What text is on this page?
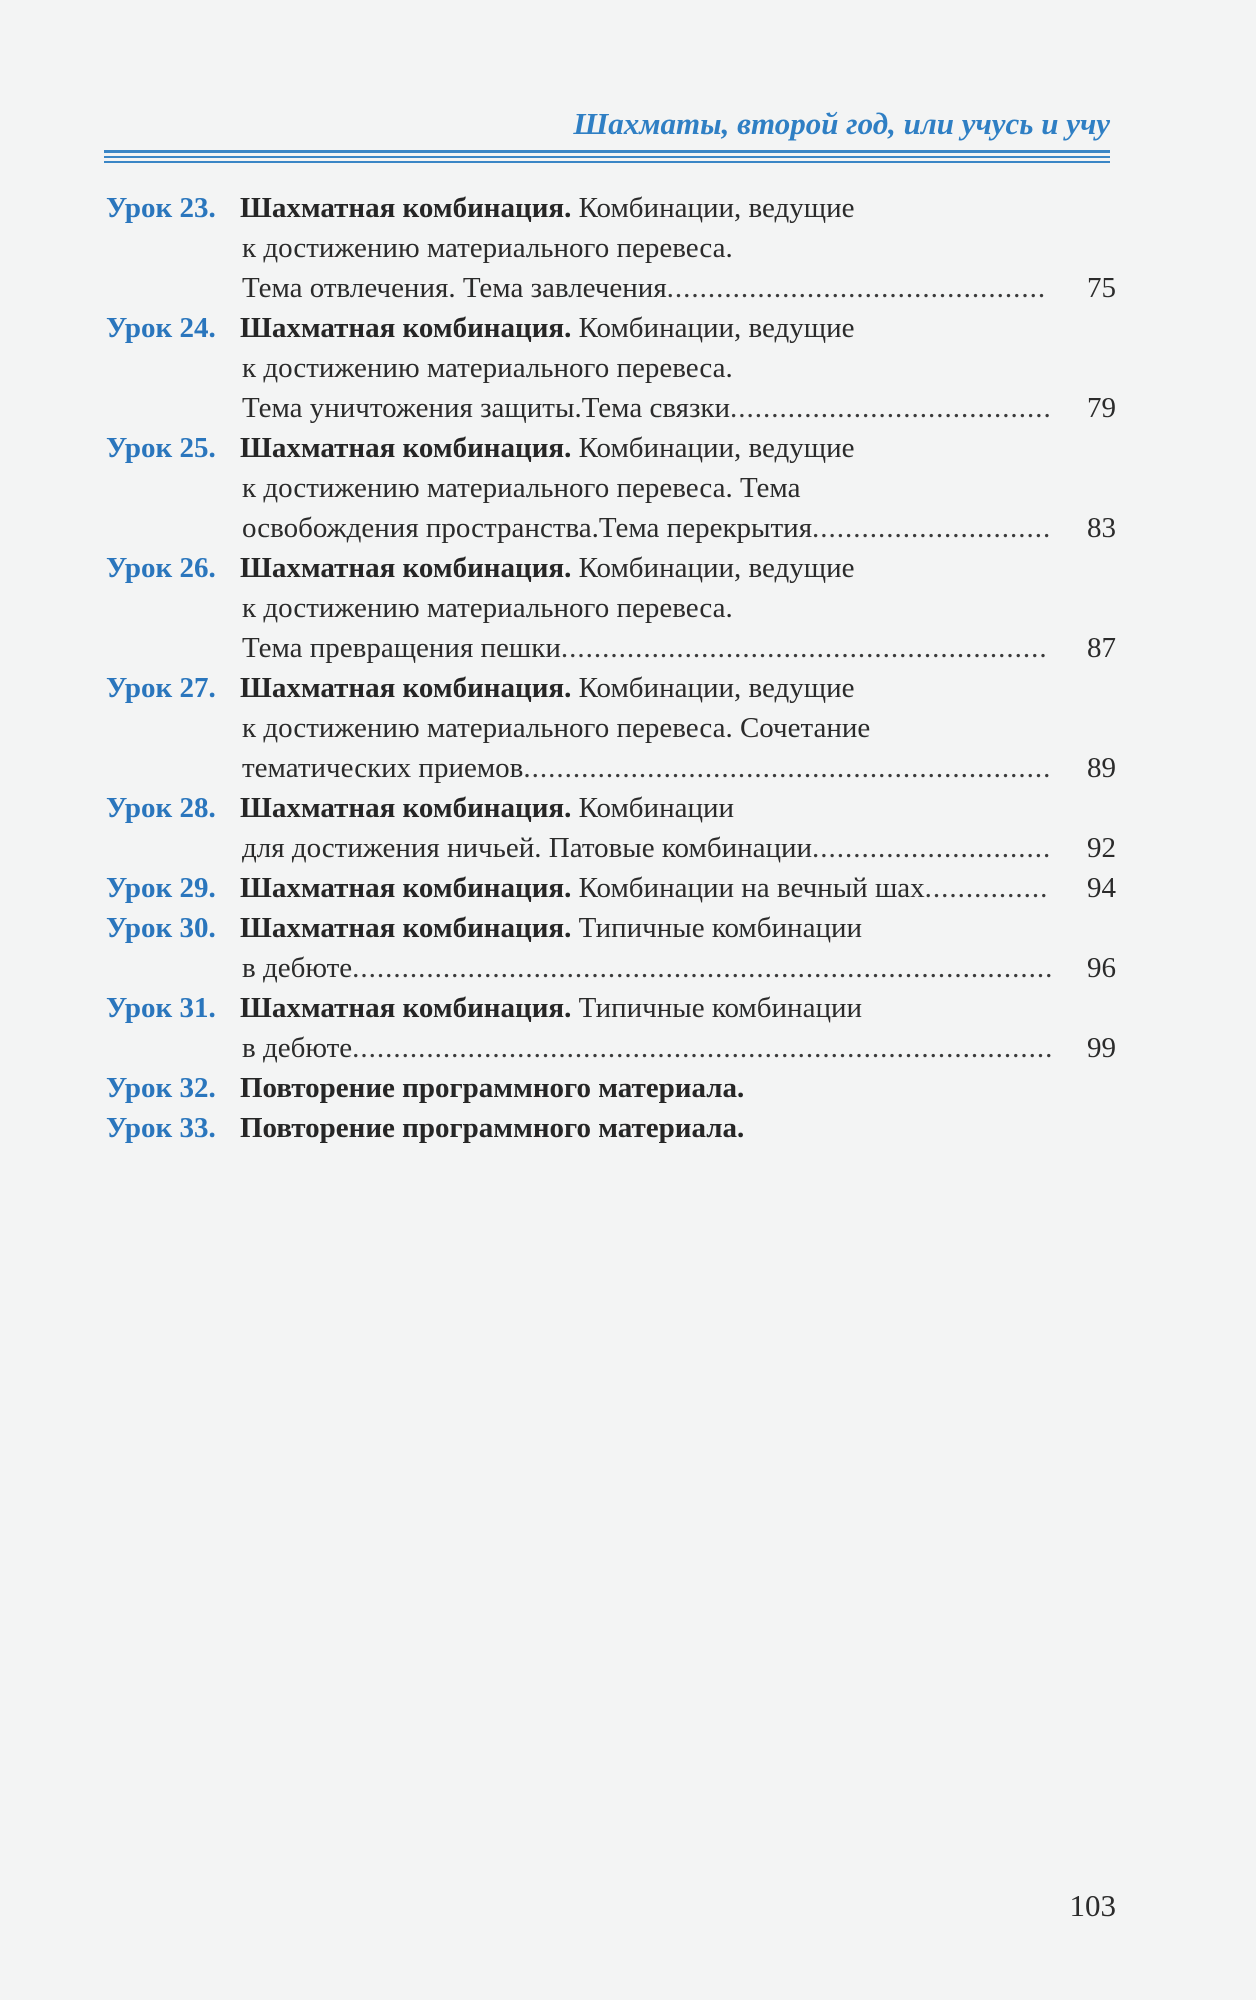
Шахматы, второй год, или учусь и учу
Урок 23. Шахматная комбинация. Комбинации, ведущие
к достижению материального перевеса.
Тема отвлечения. Тема завлечения..............................................	75
Урок 24. Шахматная комбинация. Комбинации, ведущие
к достижению материального перевеса.
Тема уничтожения защиты.Тема связки.......................................	79
Урок 25. Шахматная комбинация. Комбинации, ведущие
к достижению материального перевеса. Тема
освобождения пространства.Тема перекрытия.............................	83
Урок 26. Шахматная комбинация. Комбинации, ведущие
к достижению материального перевеса.
Тема превращения пешки...........................................................	87
Урок 27. Шахматная комбинация. Комбинации, ведущие
к достижению материального перевеса. Сочетание
тематических приемов................................................................	89
Урок 28. Шахматная комбинация. Комбинации
для достижения ничьей. Патовые комбинации.............................	92
Урок 29. Шахматная комбинация. Комбинации на вечный шах...............	94
Урок 30. Шахматная комбинация. Типичные комбинации
в дебюте.....................................................................................	96
Урок 31. Шахматная комбинация. Типичные комбинации
в дебюте.....................................................................................	99
Урок 32. Повторение программного материала.
Урок 33. Повторение программного материала.
103
